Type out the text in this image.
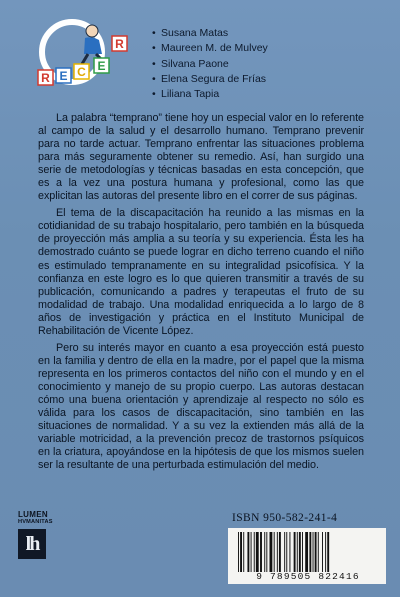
R E C E
R
• Susana Matas
• Maureen M. de Mulvey
• Silvana Paone
• Elena Segura de Frías
• Liliana Tapia

La palabra “temprano” tiene hoy un especial valor en lo referente al campo de la salud y el desarrollo humano. Temprano prevenir para no tarde actuar. Temprano enfrentar las situaciones problema para más seguramente obtener su remedio. Así, han surgido una serie de metodologías y técnicas basadas en esta concepción, que es a la vez una postura humana y profesional, como las que explicitan las autoras del presente libro en el correr de sus páginas.

El tema de la discapacitación ha reunido a las mismas en la cotidianidad de su trabajo hospitalario, pero también en la búsqueda de proyección más amplia a su teoría y su experiencia. Ésta les ha demostrado cuánto se puede lograr en dicho terreno cuando el niño es estimulado tempranamente en su integralidad psicofísica. Y la confianza en este logro es lo que quieren transmitir a través de su publicación, comunicando a padres y terapeutas el fruto de su modalidad de trabajo. Una modalidad enriquecida a lo largo de 8 años de investigación y práctica en el Instituto Municipal de Rehabilitación de Vicente López.

Pero su interés mayor en cuanto a esa proyección está puesto en la familia y dentro de ella en la madre, por el papel que la misma representa en los primeros contactos del niño con el mundo y en el conocimiento y manejo de su propio cuerpo. Las autoras destacan cómo una buena orientación y aprendizaje al respecto no sólo es válida para los casos de discapacitación, sino también en las situaciones de normalidad. Y a su vez la extienden más allá de la variable motricidad, a la prevención precoz de trastornos psíquicos en la criatura, apoyándose en la hipótesis de que los mismos suelen ser la resultante de una perturbada estimulación del medio.

LUMEN
HVMANITAS
lh
ISBN 950-582-241-4
9 789505 822416
